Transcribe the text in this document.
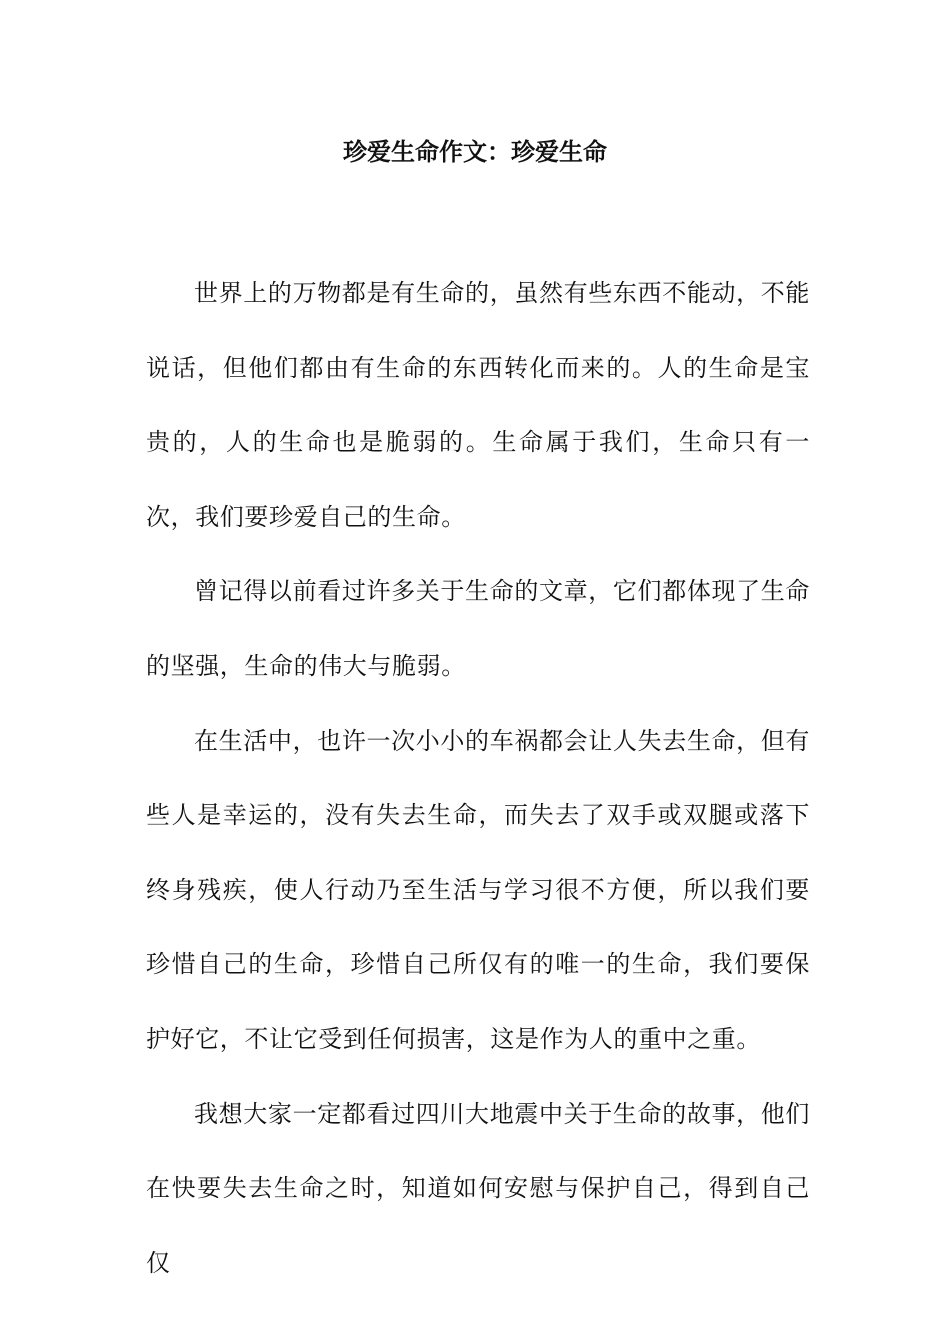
珍爱生命作文：珍爱生命

世界上的万物都是有生命的，虽然有些东西不能动，不能说话，但他们都由有生命的东西转化而来的。人的生命是宝贵的，人的生命也是脆弱的。生命属于我们，生命只有一次，我们要珍爱自己的生命。

曾记得以前看过许多关于生命的文章，它们都体现了生命的坚强，生命的伟大与脆弱。

在生活中，也许一次小小的车祸都会让人失去生命，但有些人是幸运的，没有失去生命，而失去了双手或双腿或落下终身残疾，使人行动乃至生活与学习很不方便，所以我们要珍惜自己的生命，珍惜自己所仅有的唯一的生命，我们要保护好它，不让它受到任何损害，这是作为人的重中之重。

我想大家一定都看过四川大地震中关于生命的故事，他们在快要失去生命之时，知道如何安慰与保护自己，得到自己仅
